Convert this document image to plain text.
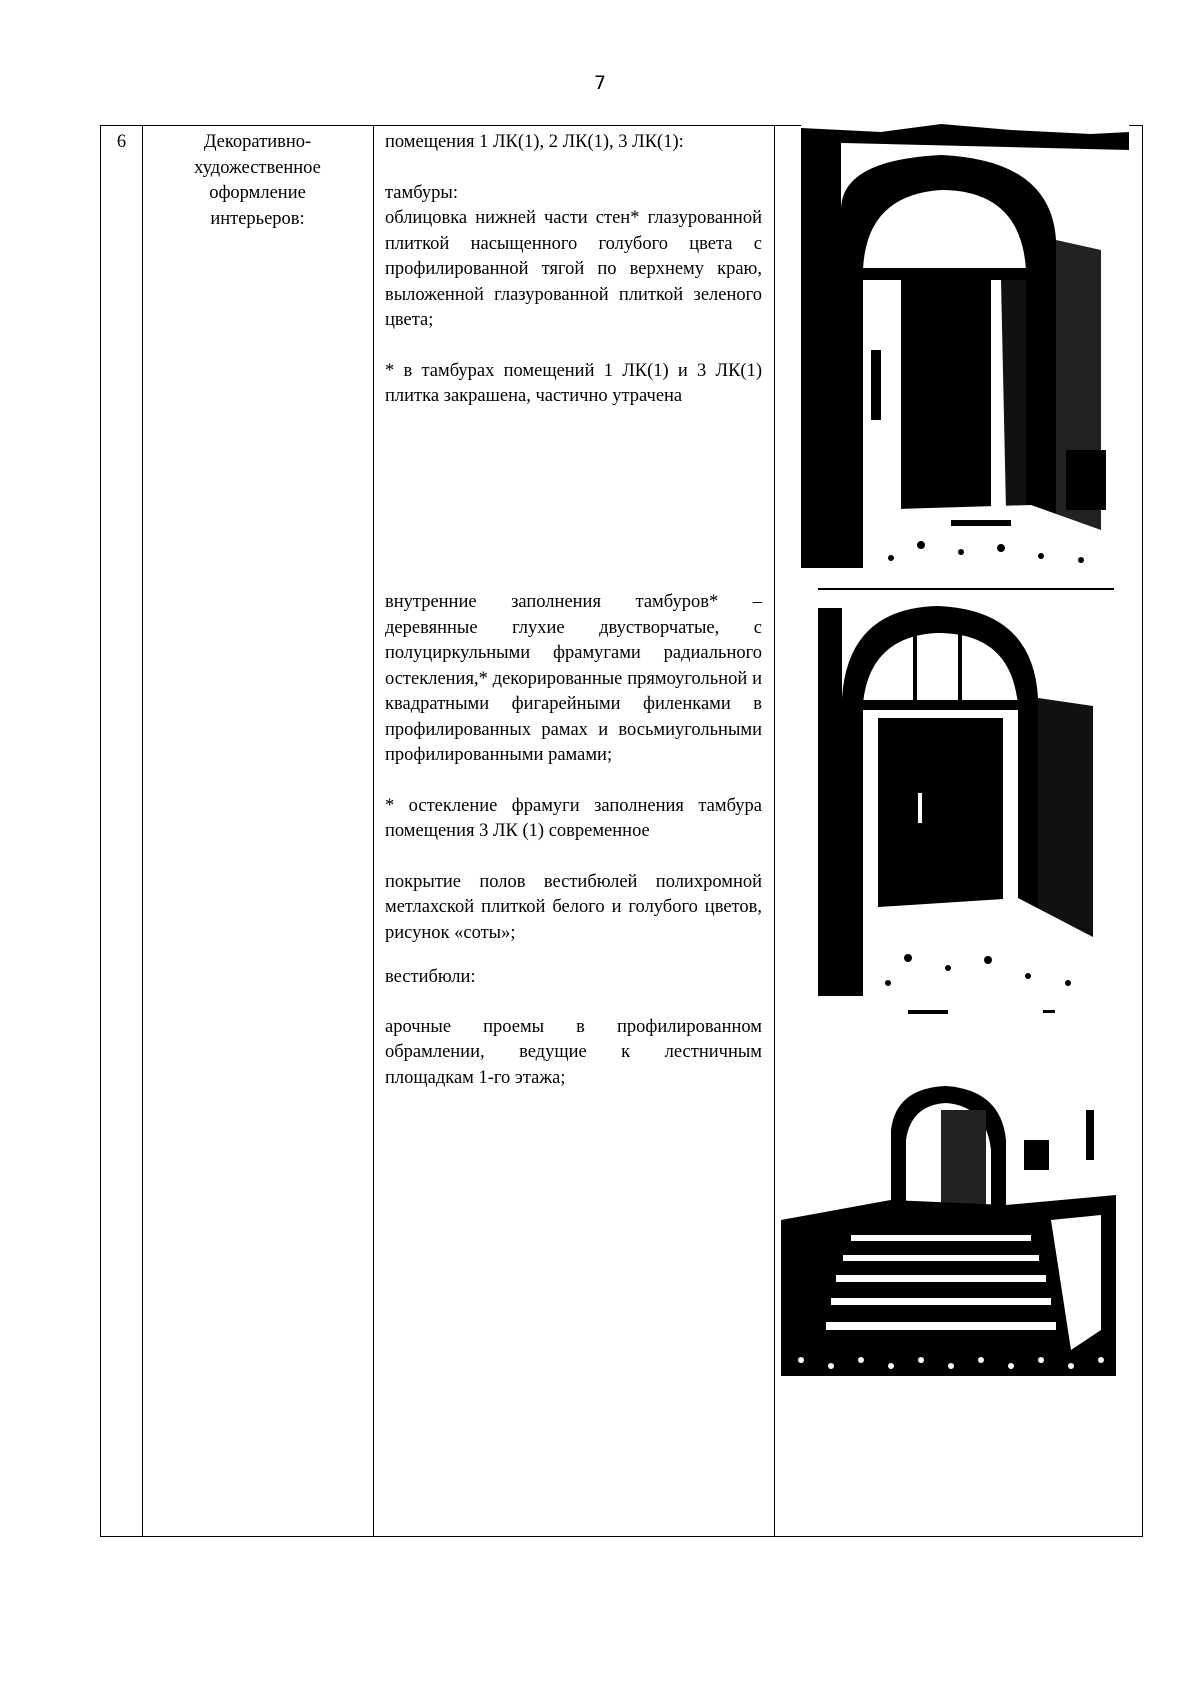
7
6	Декоративно-
художественное
оформление
интерьеров:

помещения 1 ЛК(1), 2 ЛК(1), 3 ЛК(1):

тамбуры:

облицовка нижней части стен* глазурованной плиткой насыщенного голубого цвета с профилированной тягой по верхнему краю, выложенной глазурованной плиткой зеленого цвета;

* в тамбурах помещений 1 ЛК(1) и 3 ЛК(1) плитка закрашена, частично утрачена

внутренние заполнения тамбуров* – деревянные глухие двустворчатые, с полуциркульными фрамугами радиального остекления,* декорированные прямоугольной и квадратными фигарейными филенками в профилированных рамах и восьмиугольными профилированными рамами;

* остекление фрамуги заполнения тамбура помещения 3 ЛК (1) современное

покрытие полов вестибюлей полихромной метлахской плиткой белого и голубого цветов, рисунок «соты»;

вестибюли:

арочные проемы в профилированном обрамлении, ведущие к лестничным площадкам 1-го этажа;
